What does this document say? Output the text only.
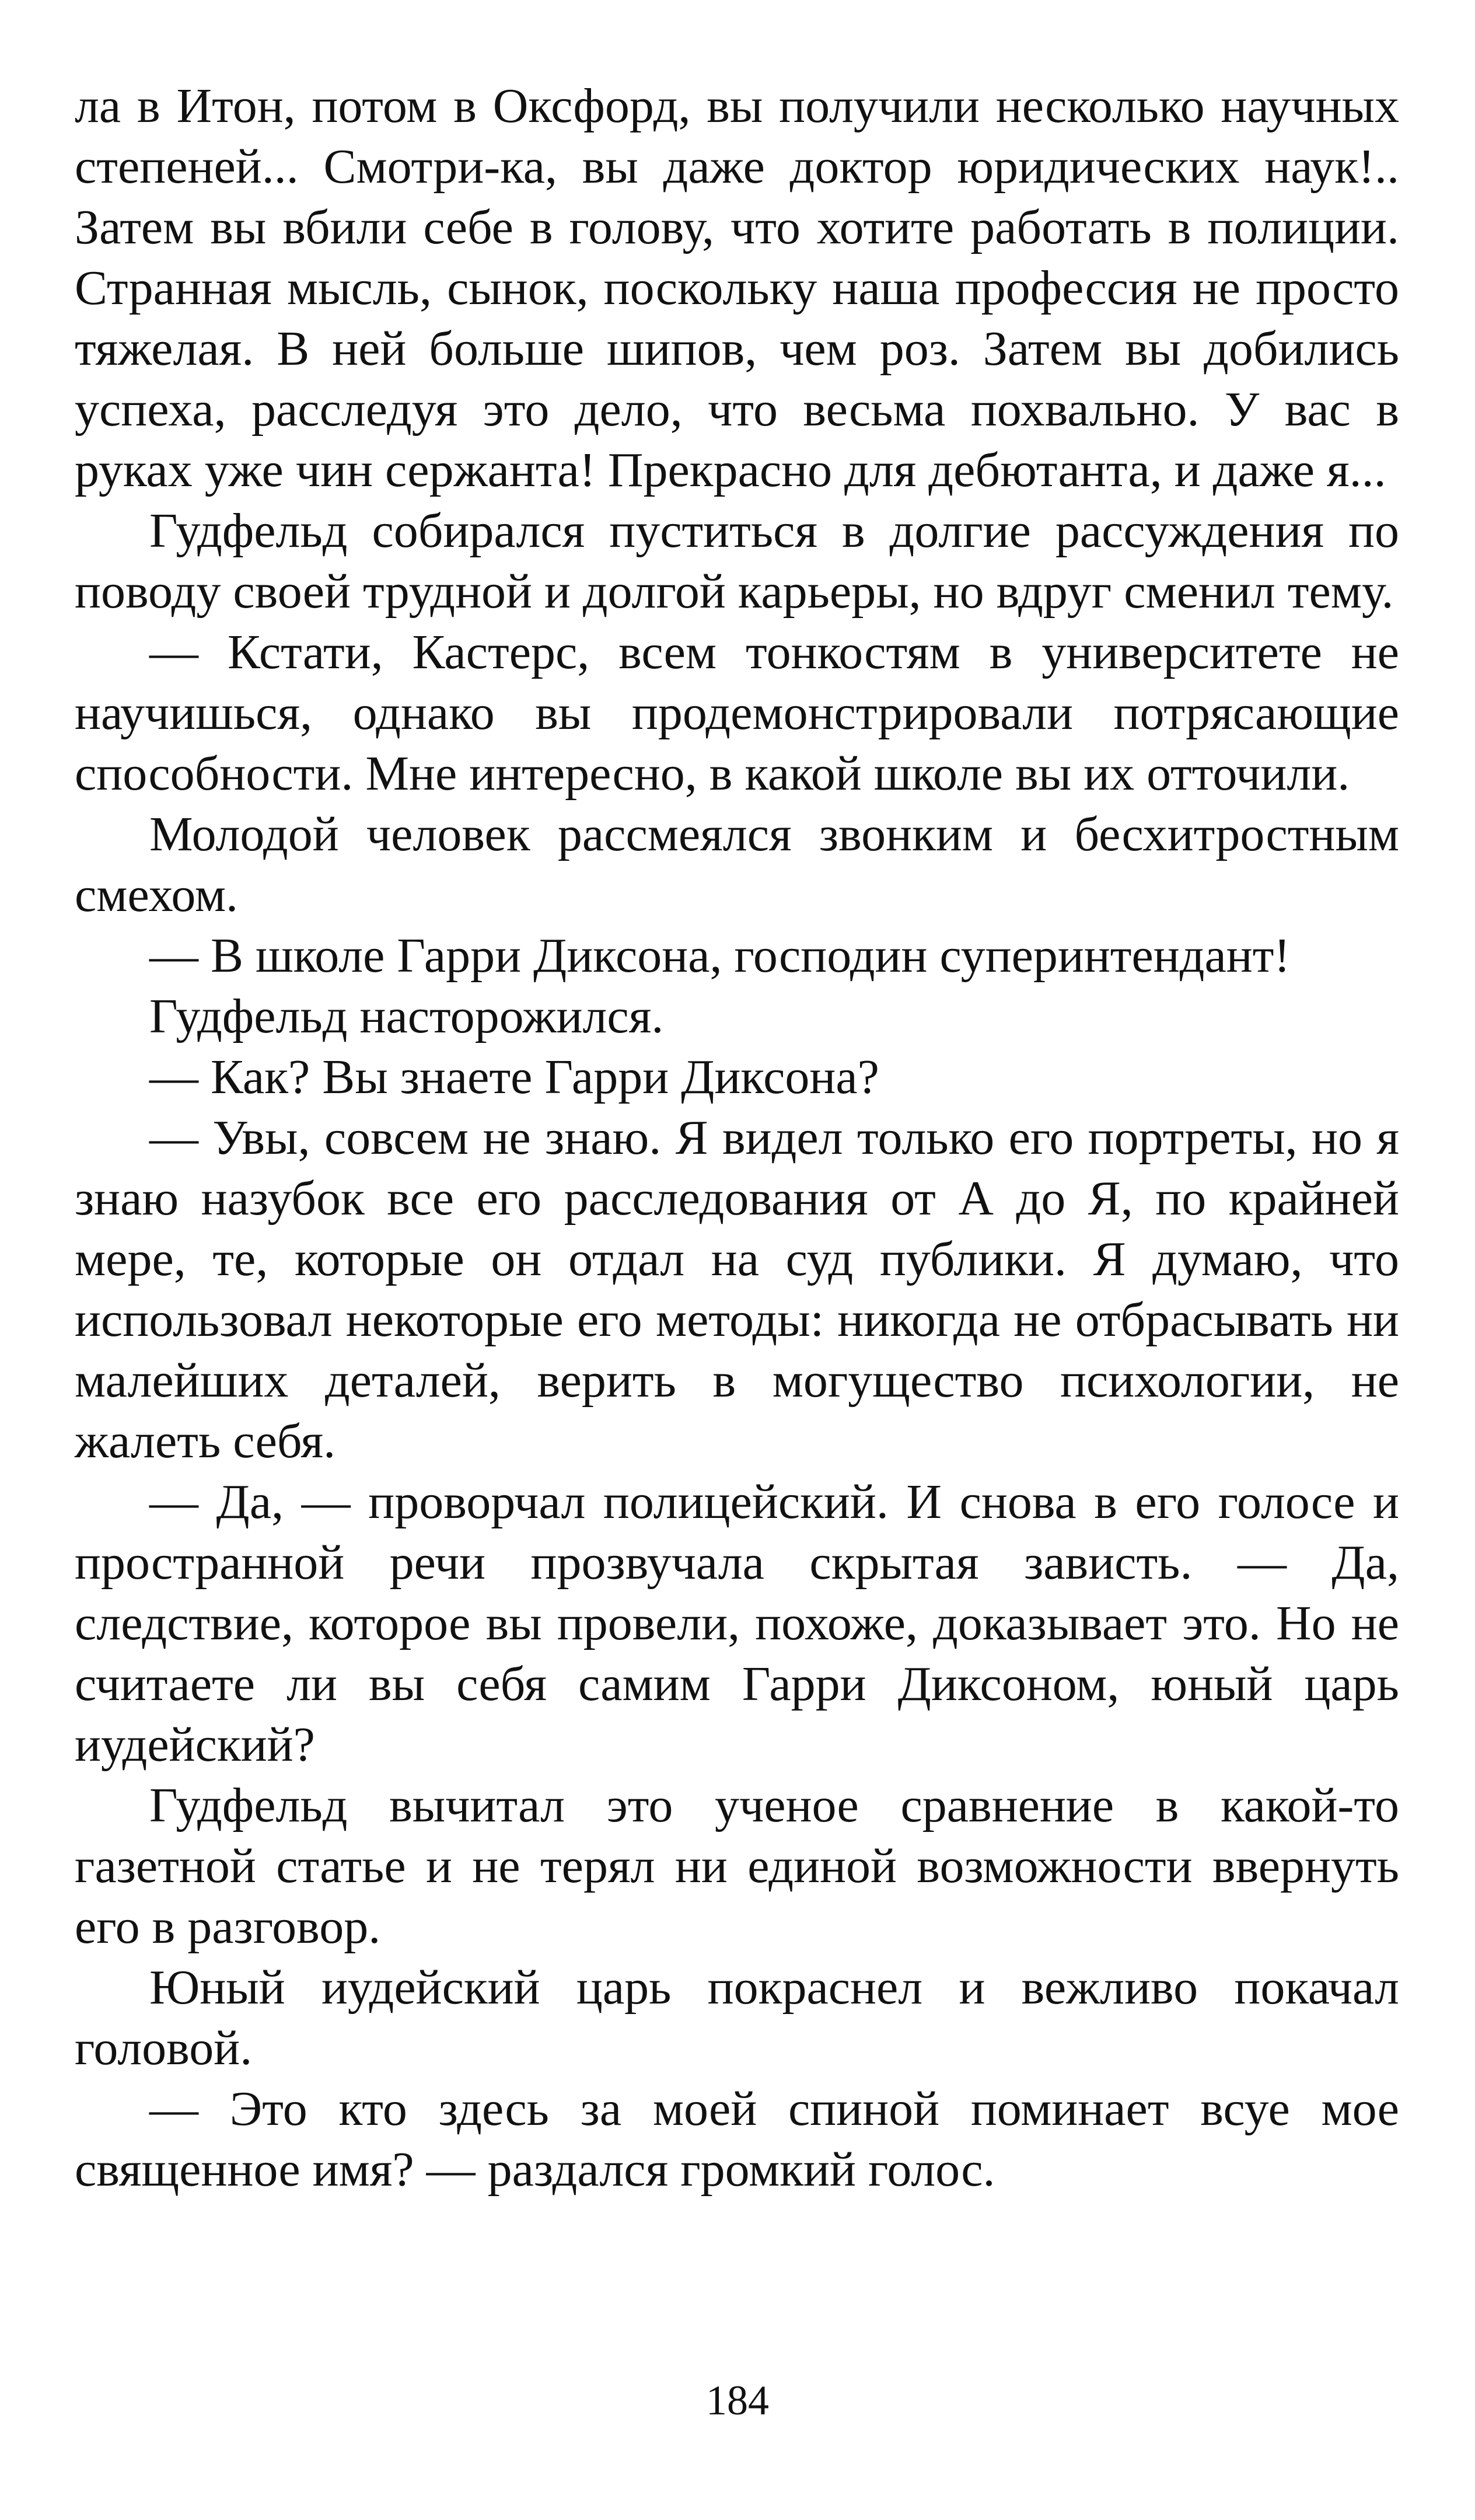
ла в Итон, потом в Оксфорд, вы получили несколько научных степеней... Смотри-ка, вы даже доктор юридических наук!.. Затем вы вбили себе в голову, что хотите работать в полиции. Странная мысль, сынок, поскольку наша профессия не просто тяжелая. В ней больше шипов, чем роз. Затем вы добились успеха, расследуя это дело, что весьма похвально. У вас в руках уже чин сержанта! Прекрасно для дебютанта, и даже я...

Гудфельд собирался пуститься в долгие рассуждения по поводу своей трудной и долгой карьеры, но вдруг сменил тему.

— Кстати, Кастерс, всем тонкостям в университете не научишься, однако вы продемонстрировали потрясающие способности. Мне интересно, в какой школе вы их отточили.

Молодой человек рассмеялся звонким и бесхитростным смехом.

— В школе Гарри Диксона, господин суперинтендант!

Гудфельд насторожился.

— Как? Вы знаете Гарри Диксона?

— Увы, совсем не знаю. Я видел только его портреты, но я знаю назубок все его расследования от А до Я, по крайней мере, те, которые он отдал на суд публики. Я думаю, что использовал некоторые его методы: никогда не отбрасывать ни малейших деталей, верить в могущество психологии, не жалеть себя.

— Да, — проворчал полицейский. И снова в его голосе и пространной речи прозвучала скрытая зависть. — Да, следствие, которое вы провели, похоже, доказывает это. Но не считаете ли вы себя самим Гарри Диксоном, юный царь иудейский?

Гудфельд вычитал это ученое сравнение в какой-то газетной статье и не терял ни единой возможности ввернуть его в разговор.

Юный иудейский царь покраснел и вежливо покачал головой.

— Это кто здесь за моей спиной поминает всуе мое священное имя? — раздался громкий голос.

184
